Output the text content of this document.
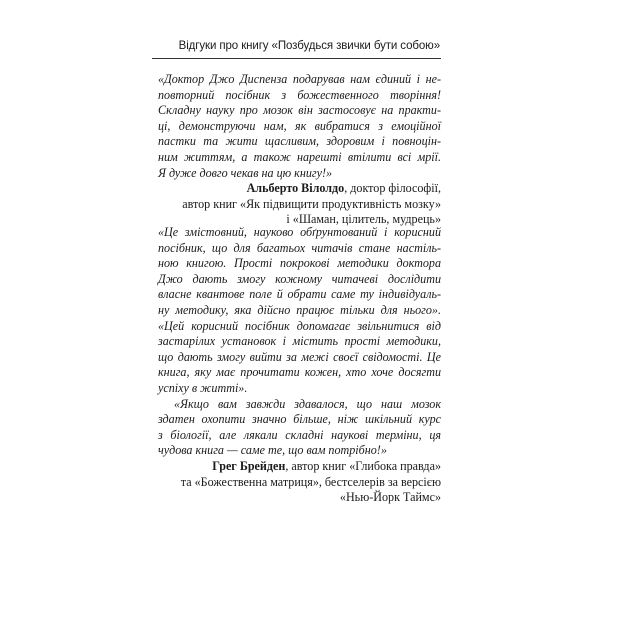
Відгуки про книгу «Позбудься звички бути собою»
«Доктор Джо Диспенза подарував нам єдиний і не-
повторний посібник з божественного творіння!
Складну науку про мозок він застосовує на практи-
ці, демонструючи нам, як вибратися з емоційної
пастки та жити щасливим, здоровим і повноцін-
ним життям, а також нарешті втілити всі мрії.
Я дуже довго чекав на цю книгу!»
Альберто Вілолдо, доктор філософії,
автор книг «Як підвищити продуктивність мозку»
і «Шаман, цілитель, мудрець»
«Це змістовний, науково обґрунтований і корисний
посібник, що для багатьох читачів стане настіль-
ною книгою. Прості покрокові методики доктора
Джо дають змогу кожному читачеві дослідити
власне квантове поле й обрати саме ту індивідуаль-
ну методику, яка дійсно працює тільки для нього».
«Цей корисний посібник допомагає звільнитися від
застарілих установок і містить прості методики,
що дають змогу вийти за межі своєї свідомості. Це
книга, яку має прочитати кожен, хто хоче досягти
успіху в житті».
«Якщо вам завжди здавалося, що наш мозок
здатен охопити значно більше, ніж шкільний курс
з біології, але лякали складні наукові терміни, ця
чудова книга — саме те, що вам потрібно!»
Грег Брейден, автор книг «Глибока правда»
та «Божественна матриця», бестселерів за версією
«Нью-Йорк Таймс»
